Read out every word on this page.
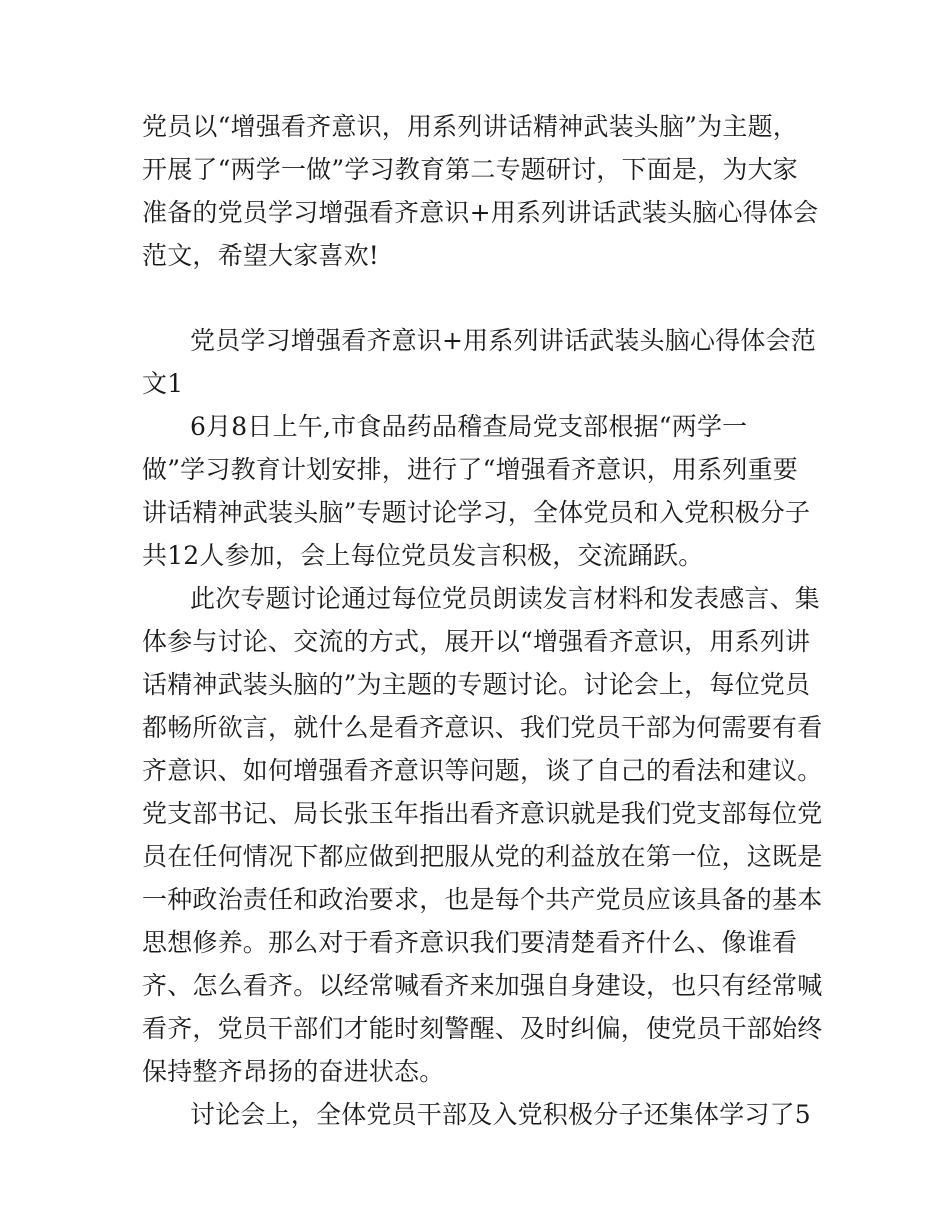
党员以“增强看齐意识，用系列讲话精神武装头脑”为主题，
开展了“两学一做”学习教育第二专题研讨，下面是，为大家
准备的党员学习增强看齐意识+用系列讲话武装头脑心得体会
范文，希望大家喜欢!
党员学习增强看齐意识+用系列讲话武装头脑心得体会范
文1
6月8日上午,市食品药品稽查局党支部根据“两学一
做”学习教育计划安排，进行了“增强看齐意识，用系列重要
讲话精神武装头脑”专题讨论学习，全体党员和入党积极分子
共12人参加，会上每位党员发言积极，交流踊跃。
此次专题讨论通过每位党员朗读发言材料和发表感言、集
体参与讨论、交流的方式，展开以“增强看齐意识，用系列讲
话精神武装头脑的”为主题的专题讨论。讨论会上，每位党员
都畅所欲言，就什么是看齐意识、我们党员干部为何需要有看
齐意识、如何增强看齐意识等问题，谈了自己的看法和建议。
党支部书记、局长张玉年指出看齐意识就是我们党支部每位党
员在任何情况下都应做到把服从党的利益放在第一位，这既是
一种政治责任和政治要求，也是每个共产党员应该具备的基本
思想修养。那么对于看齐意识我们要清楚看齐什么、像谁看
齐、怎么看齐。以经常喊看齐来加强自身建设，也只有经常喊
看齐，党员干部们才能时刻警醒、及时纠偏，使党员干部始终
保持整齐昂扬的奋进状态。
讨论会上，全体党员干部及入党积极分子还集体学习了5
